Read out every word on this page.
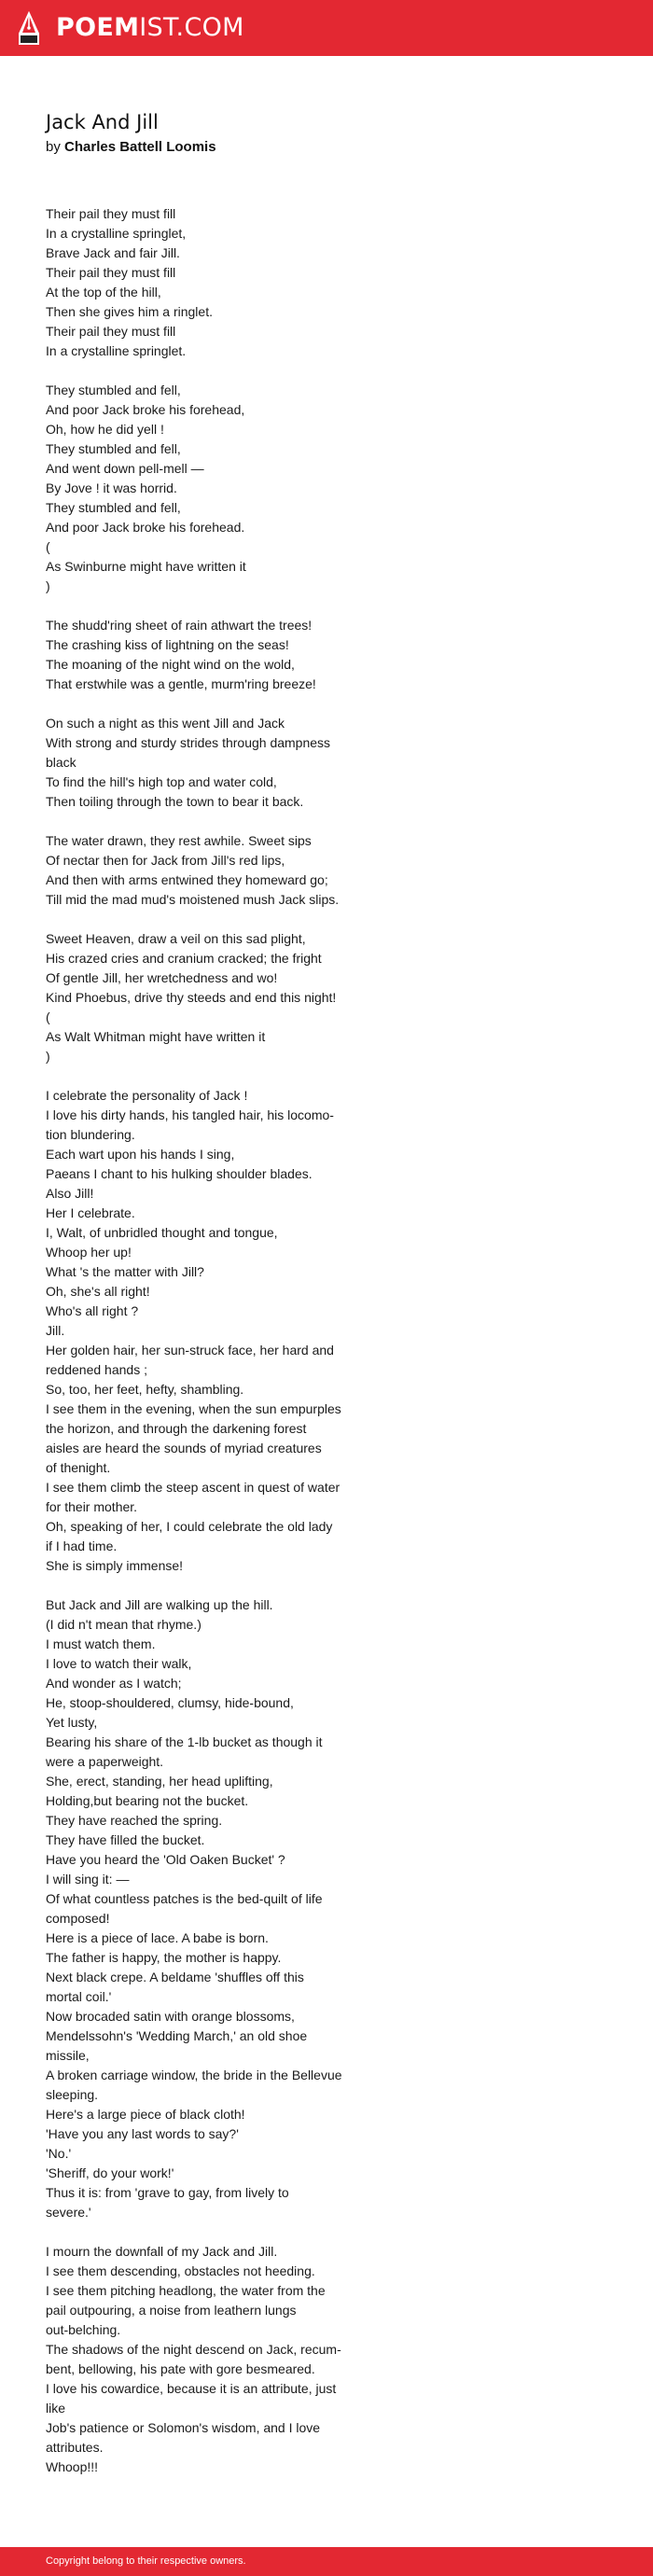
POEMIST.COM
Jack And Jill
by Charles Battell Loomis
Their pail they must fill
In a crystalline springlet,
Brave Jack and fair Jill.
Their pail they must fill
At the top of the hill,
Then she gives him a ringlet.
Their pail they must fill
In a crystalline springlet.
They stumbled and fell,
And poor Jack broke his forehead,
Oh, how he did yell !
They stumbled and fell,
And went down pell-mell —
By Jove ! it was horrid.
They stumbled and fell,
And poor Jack broke his forehead.
(
As Swinburne might have written it
)
The shudd'ring sheet of rain athwart the trees!
The crashing kiss of lightning on the seas!
The moaning of the night wind on the wold,
That erstwhile was a gentle, murm'ring breeze!
On such a night as this went Jill and Jack
With strong and sturdy strides through dampness
black
To find the hill's high top and water cold,
Then toiling through the town to bear it back.
The water drawn, they rest awhile. Sweet sips
Of nectar then for Jack from Jill's red lips,
And then with arms entwined they homeward go;
Till mid the mad mud's moistened mush Jack slips.
Sweet Heaven, draw a veil on this sad plight,
His crazed cries and cranium cracked; the fright
Of gentle Jill, her wretchedness and wo!
Kind Phoebus, drive thy steeds and end this night!
(
As Walt Whitman might have written it
)
I celebrate the personality of Jack !
I love his dirty hands, his tangled hair, his locomo-
tion blundering.
Each wart upon his hands I sing,
Paeans I chant to his hulking shoulder blades.
Also Jill!
Her I celebrate.
I, Walt, of unbridled thought and tongue,
Whoop her up!
What 's the matter with Jill?
Oh, she's all right!
Who's all right ?
Jill.
Her golden hair, her sun-struck face, her hard and
reddened hands ;
So, too, her feet, hefty, shambling.
I see them in the evening, when the sun empurples
the horizon, and through the darkening forest
aisles are heard the sounds of myriad creatures
of thenight.
I see them climb the steep ascent in quest of water
for their mother.
Oh, speaking of her, I could celebrate the old lady
if I had time.
She is simply immense!
But Jack and Jill are walking up the hill.
(I did n't mean that rhyme.)
I must watch them.
I love to watch their walk,
And wonder as I watch;
He, stoop-shouldered, clumsy, hide-bound,
Yet lusty,
Bearing his share of the 1-lb bucket as though it
were a paperweight.
She, erect, standing, her head uplifting,
Holding,but bearing not the bucket.
They have reached the spring.
They have filled the bucket.
Have you heard the 'Old Oaken Bucket' ?
I will sing it: —
Of what countless patches is the bed-quilt of life
composed!
Here is a piece of lace. A babe is born.
The father is happy, the mother is happy.
Next black crepe. A beldame 'shuffles off this
mortal coil.'
Now brocaded satin with orange blossoms,
Mendelssohn's 'Wedding March,' an old shoe
missile,
A broken carriage window, the bride in the Bellevue
sleeping.
Here's a large piece of black cloth!
'Have you any last words to say?'
'No.'
'Sheriff, do your work!'
Thus it is: from 'grave to gay, from lively to
severe.'
I mourn the downfall of my Jack and Jill.
I see them descending, obstacles not heeding.
I see them pitching headlong, the water from the
pail outpouring, a noise from leathern lungs
out-belching.
The shadows of the night descend on Jack, recum-
bent, bellowing, his pate with gore besmeared.
I love his cowardice, because it is an attribute, just
like
Job's patience or Solomon's wisdom, and I love
attributes.
Whoop!!!
Copyright belong to their respective owners.
